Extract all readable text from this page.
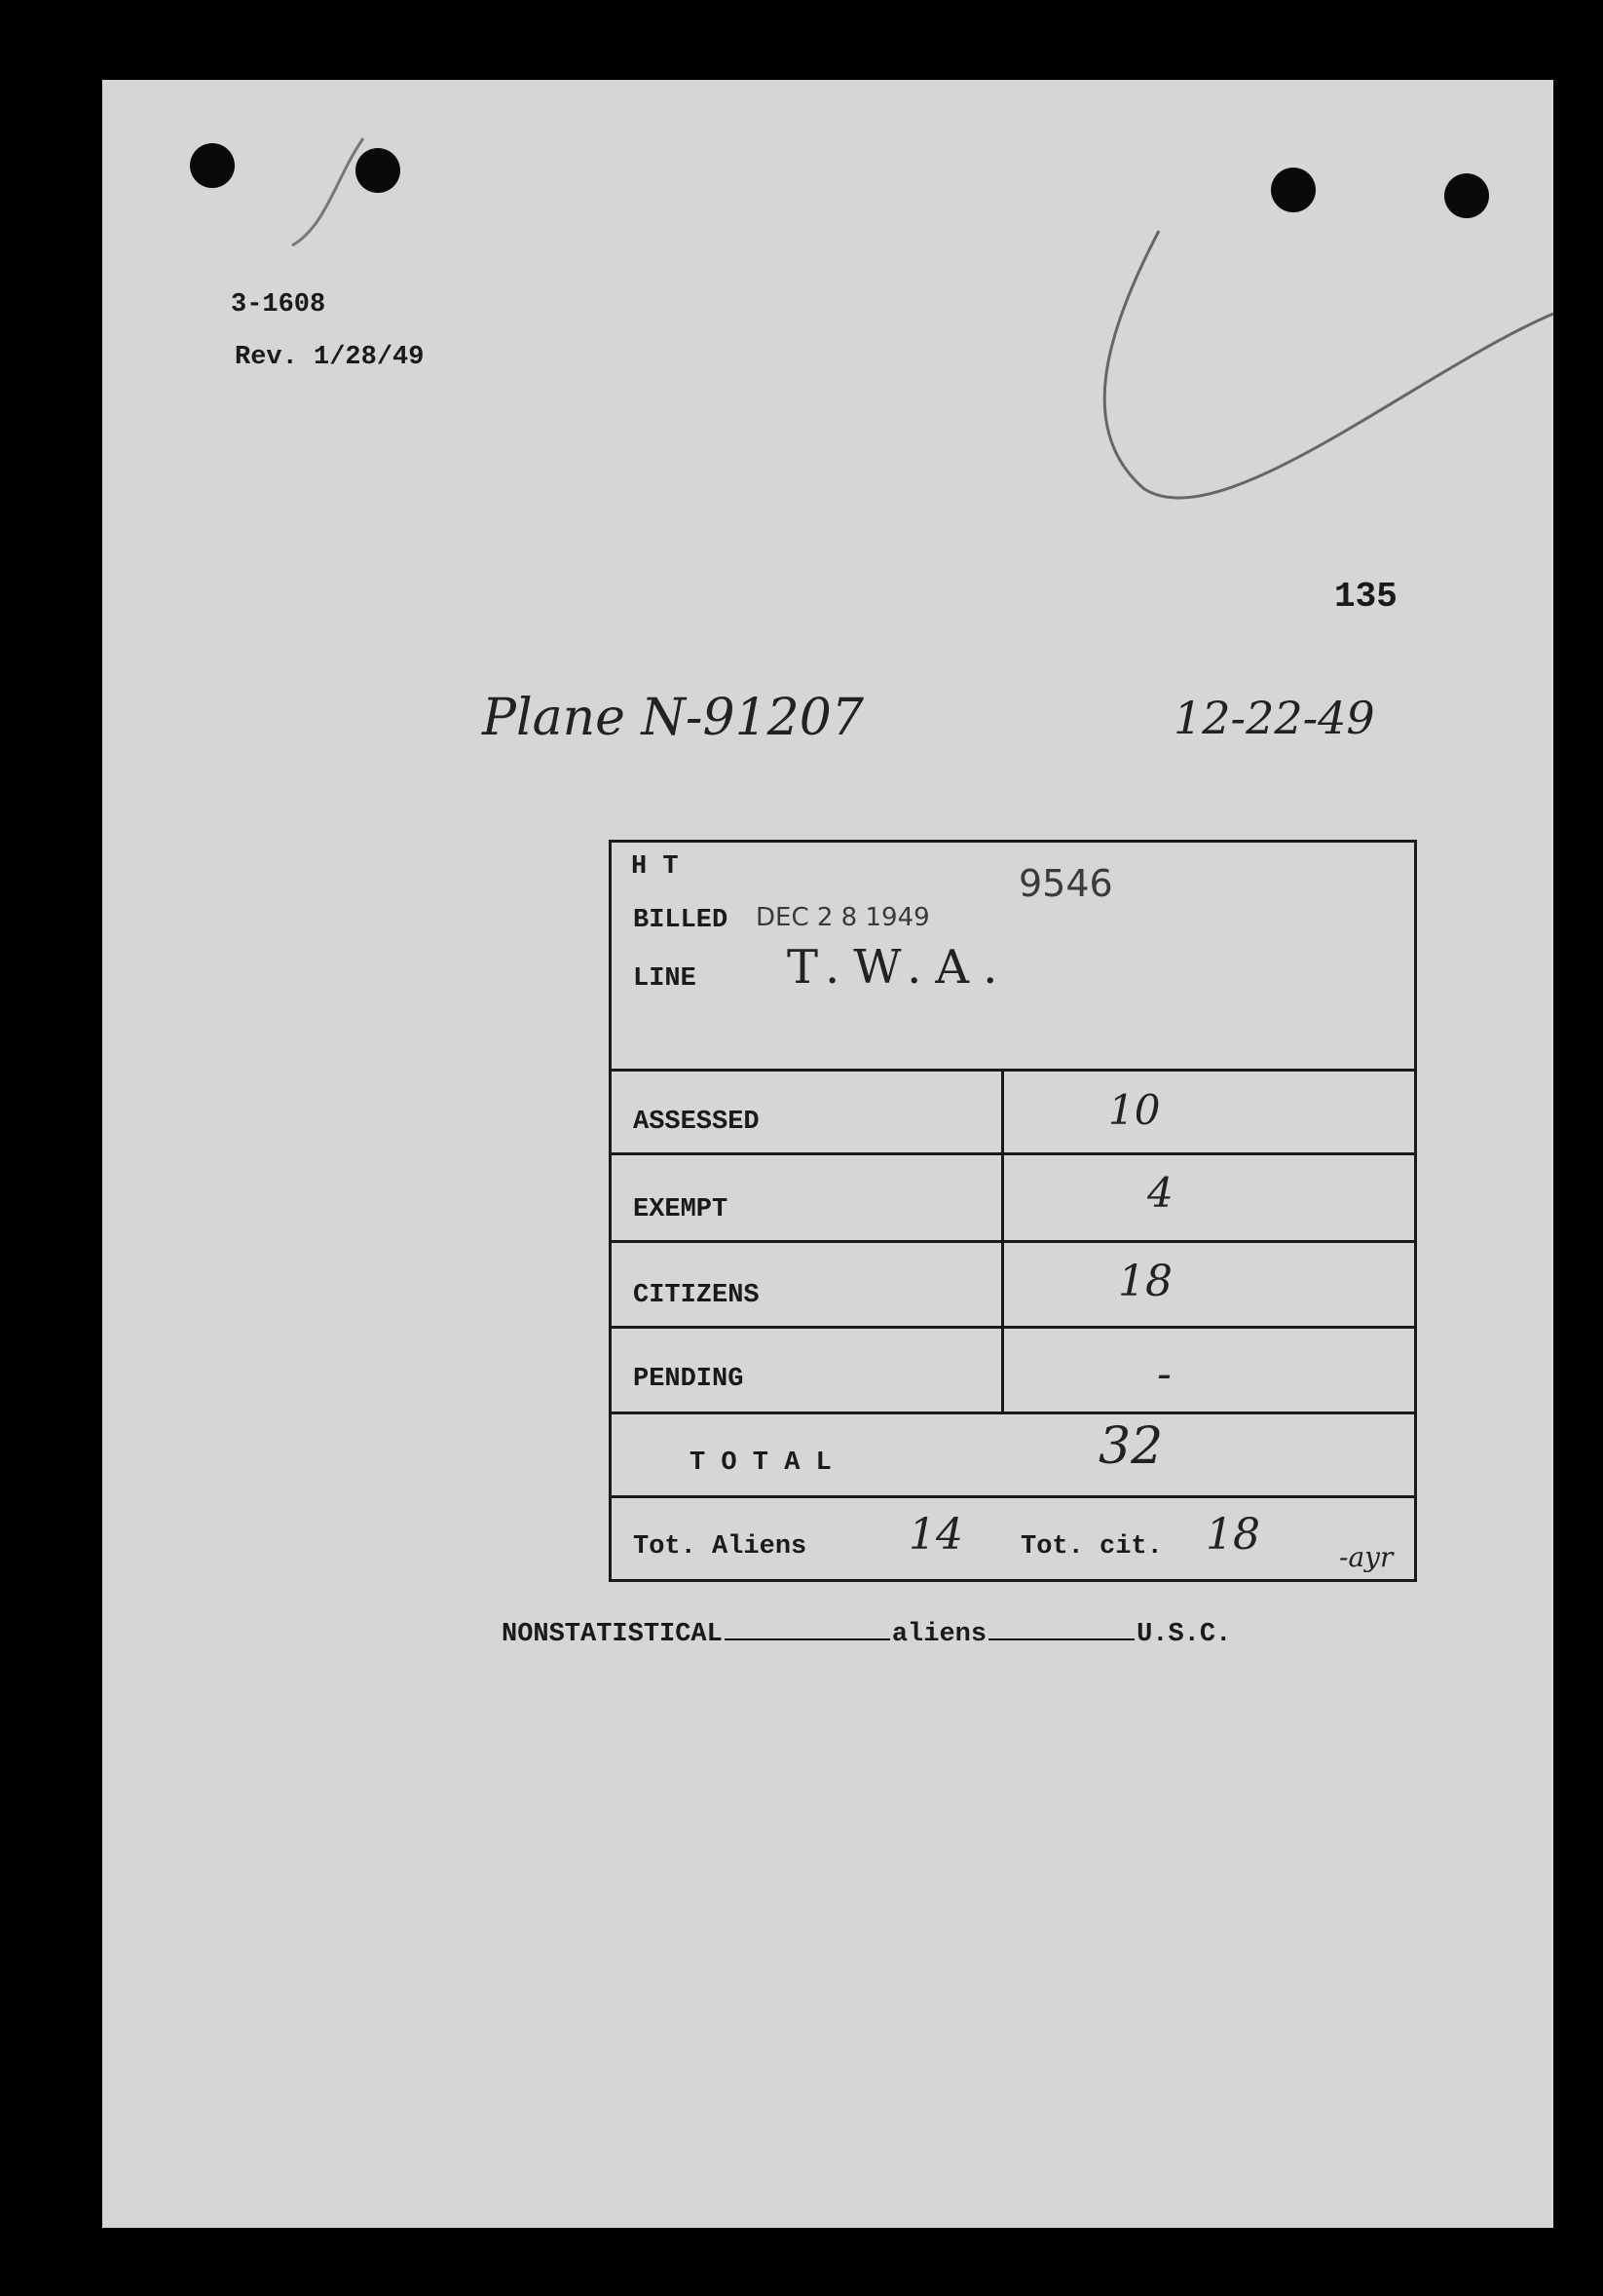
3-1608
Rev. 1/28/49
135
Plane N-91207	12-22-49
H T
BILLED DEC 2 8 1949
9546
LINE T.W.A.
ASSESSED	10
EXEMPT	4
CITIZENS	18
PENDING	-
T O T A L	32
Tot. Aliens 14 Tot. cit. 18	-ayr
NONSTATISTICAL	aliens	U.S.C.
